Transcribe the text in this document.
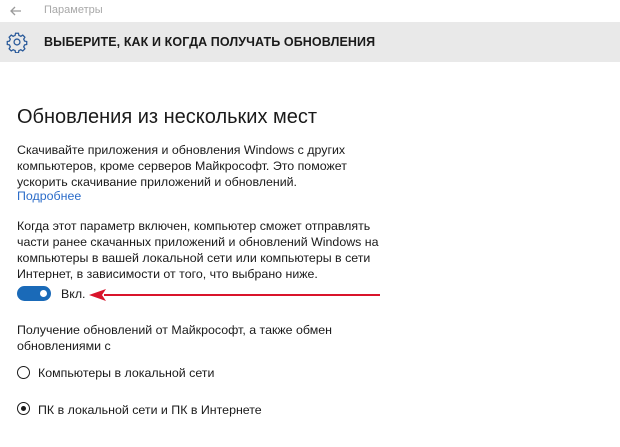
Параметры
ВЫБЕРИТЕ, КАК И КОГДА ПОЛУЧАТЬ ОБНОВЛЕНИЯ
Обновления из нескольких мест

Скачивайте приложения и обновления Windows с других
компьютеров, кроме серверов Майкрософт. Это поможет
ускорить скачивание приложений и обновлений.

Подробнее

Когда этот параметр включен, компьютер сможет отправлять
части ранее скачанных приложений и обновлений Windows на
компьютеры в вашей локальной сети или компьютеры в сети
Интернет, в зависимости от того, что выбрано ниже.

Вкл.

Получение обновлений от Майкрософт, а также обмен
обновлениями с

Компьютеры в локальной сети
ПК в локальной сети и ПК в Интернете
